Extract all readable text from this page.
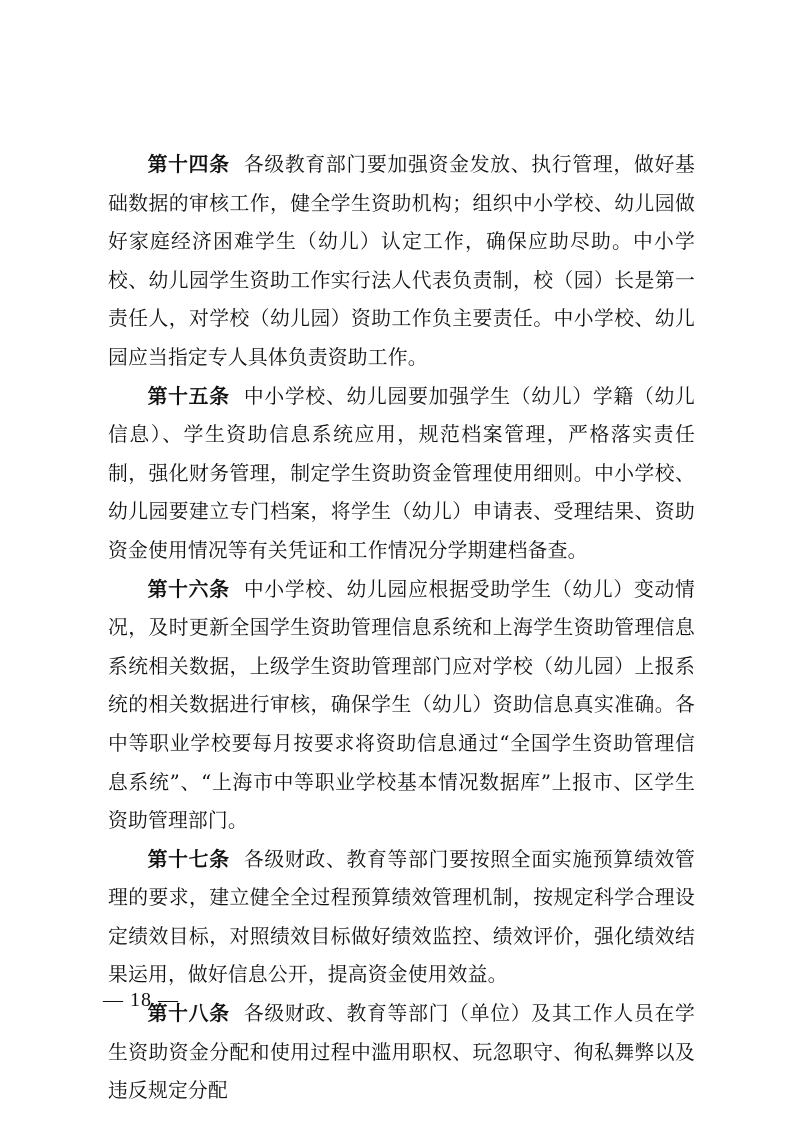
第十四条 各级教育部门要加强资金发放、执行管理，做好基础数据的审核工作，健全学生资助机构；组织中小学校、幼儿园做好家庭经济困难学生（幼儿）认定工作，确保应助尽助。中小学校、幼儿园学生资助工作实行法人代表负责制，校（园）长是第一责任人，对学校（幼儿园）资助工作负主要责任。中小学校、幼儿园应当指定专人具体负责资助工作。

第十五条 中小学校、幼儿园要加强学生（幼儿）学籍（幼儿信息）、学生资助信息系统应用，规范档案管理，严格落实责任制，强化财务管理，制定学生资助资金管理使用细则。中小学校、幼儿园要建立专门档案，将学生（幼儿）申请表、受理结果、资助资金使用情况等有关凭证和工作情况分学期建档备查。

第十六条 中小学校、幼儿园应根据受助学生（幼儿）变动情况，及时更新全国学生资助管理信息系统和上海学生资助管理信息系统相关数据，上级学生资助管理部门应对学校（幼儿园）上报系统的相关数据进行审核，确保学生（幼儿）资助信息真实准确。各中等职业学校要每月按要求将资助信息通过“全国学生资助管理信息系统”、“上海市中等职业学校基本情况数据库”上报市、区学生资助管理部门。

第十七条 各级财政、教育等部门要按照全面实施预算绩效管理的要求，建立健全全过程预算绩效管理机制，按规定科学合理设定绩效目标，对照绩效目标做好绩效监控、绩效评价，强化绩效结果运用，做好信息公开，提高资金使用效益。

第十八条 各级财政、教育等部门（单位）及其工作人员在学生资助资金分配和使用过程中滥用职权、玩忽职守、徇私舞弊以及违反规定分配

— 18 —
